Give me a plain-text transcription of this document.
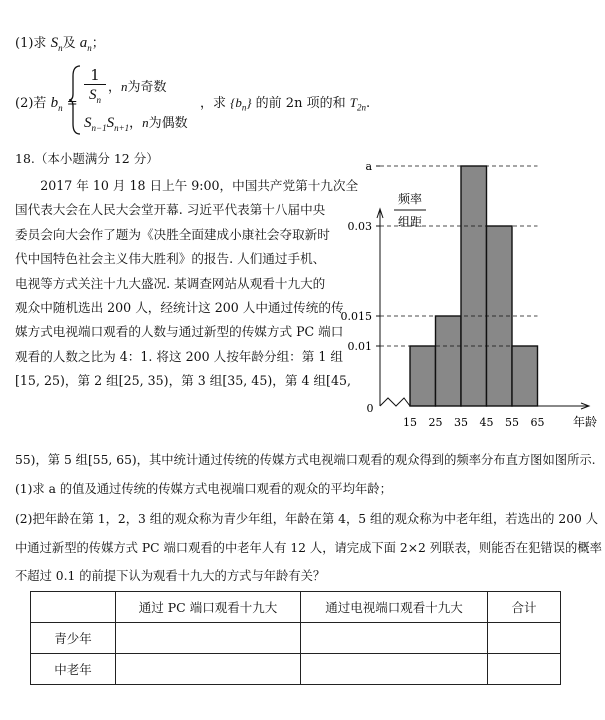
(1)求 $S_n$及 $a_n$；
(2)若 $b_n$ =
1
$S_n$
，n为奇数
$S_{n-1}S_{n+1}$，n为偶数
，求 $\{b_n\}$ 的前 2n 项的和 $T_{2n}$.
18.（本小题满分 12 分）
　　2017 年 10 月 18 日上午 9:00，中国共产党第十九次全
国代表大会在人民大会堂开幕. 习近平代表第十八届中央
委员会向大会作了题为《决胜全面建成小康社会夺取新时
代中国特色社会主义伟大胜利》的报告. 人们通过手机、
电视等方式关注十九大盛况. 某调查网站从观看十九大的
观众中随机选出 200 人，经统计这 200 人中通过传统的传
媒方式电视端口观看的人数与通过新型的传媒方式 PC 端口
观看的人数之比为 4：1. 将这 200 人按年龄分组：第 1 组
[15, 25)，第 2 组[25, 35)，第 3 组[35, 45)，第 4 组[45,
55)，第 5 组[55, 65)，其中统计通过传统的传媒方式电视端口观看的观众得到的频率分布直方图如图所示.
(1)求 a 的值及通过传统的传媒方式电视端口观看的观众的平均年龄；
(2)把年龄在第 1，2，3 组的观众称为青少年组，年龄在第 4，5 组的观众称为中老年组，若选出的 200 人
中通过新型的传媒方式 PC 端口观看的中老年人有 12 人，请完成下面 2×2 列联表，则能否在犯错误的概率
不超过 0.1 的前提下认为观看十九大的方式与年龄有关？
频率
组距
年龄
0
0.01
0.015
0.03
a
15 25 35 45 55 65
	通过 PC 端口观看十九大	通过电视端口观看十九大	合计
青少年			
中老年			
